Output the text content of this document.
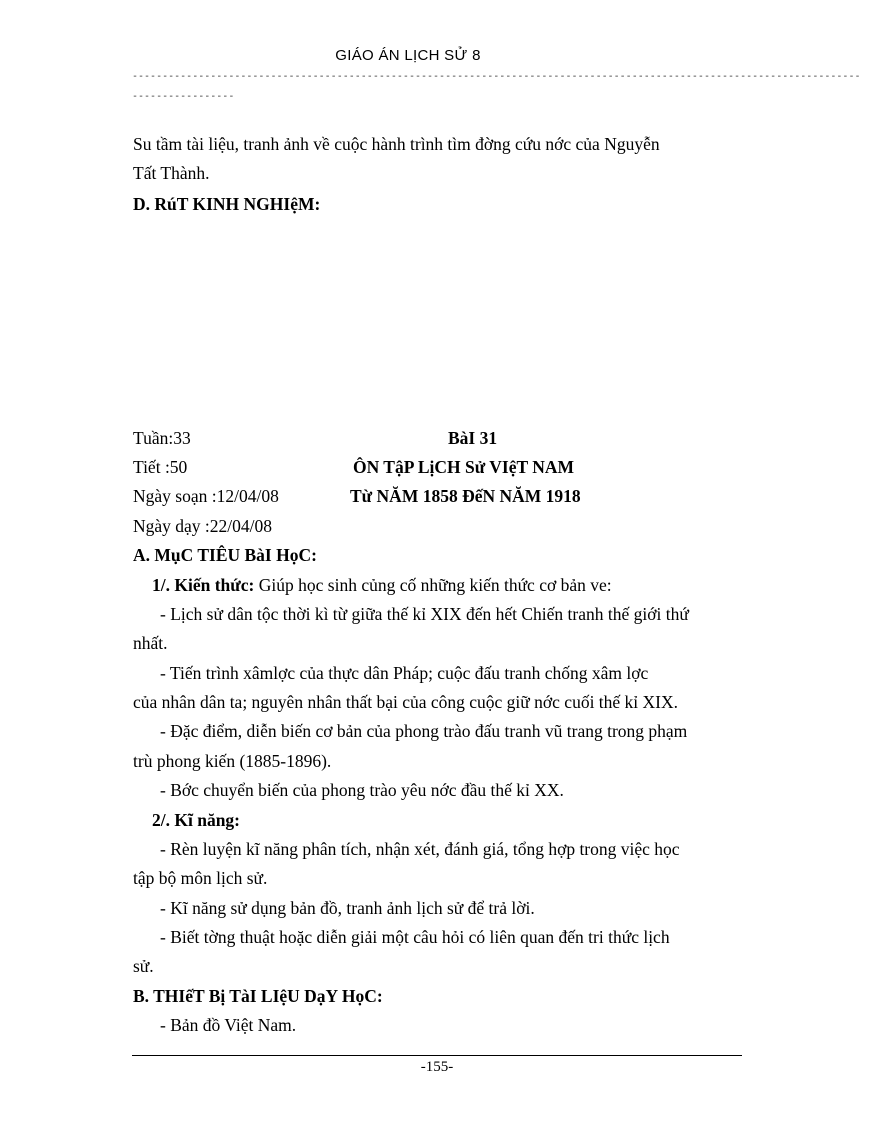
GIÁO ÁN LỊCH SỬ 8
-------------------------------------------------------------------------------------------------------------------------
-----------------
Su tầm tài liệu, tranh ảnh về cuộc hành trình tìm đờng cứu nớc của Nguyễn
Tất Thành.
D. RúT KINH NGHIệM:
Tuần:33	BàI 31
Tiết :50	ÔN TậP LịCH Sử VIệT NAM
Ngày soạn :12/04/08	Từ NĂM 1858 ĐếN NĂM 1918
Ngày dạy :22/04/08
A. MụC TIÊU BàI HọC:
1/. Kiến thức: Giúp học sinh củng cố những kiến thức cơ bản ve:
- Lịch sử dân tộc thời kì từ giữa thế kỉ XIX đến hết Chiến tranh thế giới thứ
nhất.
- Tiến trình xâmlợc của thực dân Pháp; cuộc đấu tranh chống xâm lợc
của nhân dân ta; nguyên nhân thất bại của công cuộc giữ nớc cuối thế kỉ XIX.
- Đặc điểm, diễn biến cơ bản của phong trào đấu tranh vũ trang trong phạm
trù phong kiến (1885-1896).
- Bớc chuyển biến của phong trào yêu nớc đầu thế kỉ XX.
2/. Kĩ năng:
- Rèn luyện kĩ năng phân tích, nhận xét, đánh giá, tổng hợp trong việc học
tập bộ môn lịch sử.
- Kĩ năng sử dụng bản đồ, tranh ảnh lịch sử để trả lời.
- Biết tờng thuật hoặc diễn giải một câu hỏi có liên quan đến tri thức lịch
sử.
B. THIếT Bị TàI LIệU DạY HọC:
- Bản đồ Việt Nam.
-155-
